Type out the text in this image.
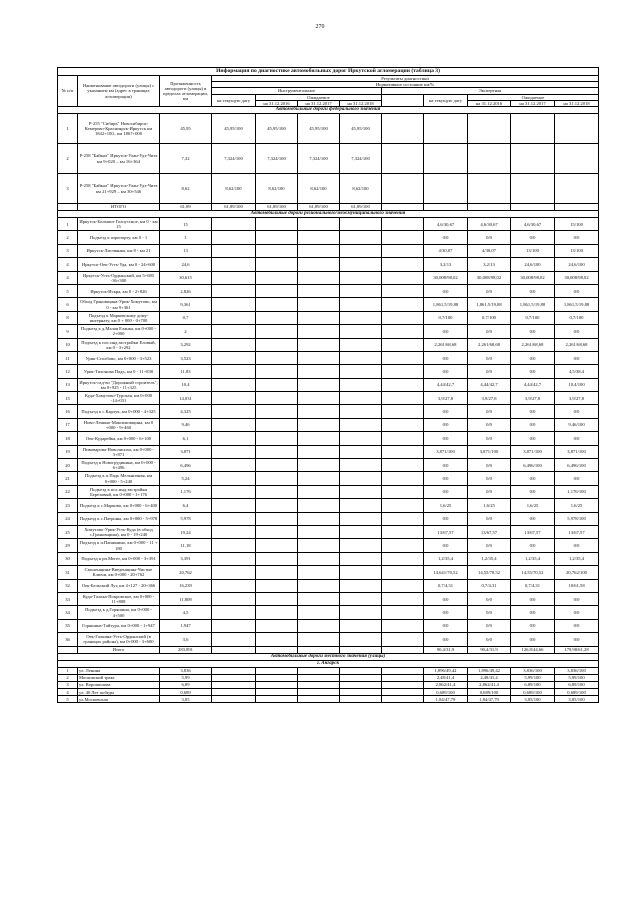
270
Информация по диагностике автомобильных дорог Иркутской агломерации (таблица 3)											
№ п/п	Наименование автодороги (улицы) с указанием км (адрес в границах агломерации)	Протяженность автодороги (улицы) в пределах агломерации, км	Результаты диагностики								
			Нормативное состояние км/%								
			Инструментальное				Экспертная				
			на текущую дату	Ожидаемое				на текущую дату	Ожидаемое		
				на 31.12.2016	на 31.12.2017	на 31.12.2018			на 31.12.2016	на 31.12.2017	на 31.12.2018
Автомобильные дороги федерального значения											
1	Р-255 "Сибирь" Новосибирск-Кемерово-Красноярск-Иркутск км 1842+100– км 1867+000	45,95	45,95/100	45,95/100	45,95/100	45,95/100					
2	Р-258 "Байкал" Иркутск-Улан-Удэ-Чита км 9+020 – км 16+364	7,32	7,324/100	7,324/100	7,324/100	7,324/100					
3	Р-258 "Байкал" Иркутск-Улан-Удэ-Чита км 21+929 – км 30+546	8,62	8,62/100	8,62/100	8,62/100	8,62/100					
	ИТОГО	61,89	61,89/100	61,89/100	61,89/100	61,89/100					
Автомобильные дороги регионального/межмуниципального значения											
1	Иркутск-Большое Голоустное, км 0 - км 15	15						4,6/30,67	4,6/30,67	4,6/30,67	15/100
2	Подъезд к аэропорту, км 0 - 1	1						0/0	0/0	0/0	0/0
3	Иркутск-Листвянка, км 8 - км 21	13						4/30,07	4/30,07	13/100	13/100
4	Иркутск-Оек-Усть-Уда, км 0 - 24+600	24,6						3,2/13	3,2/13	24,6/100	24,6/100
4	Иркутск-Усть-Ордынский, км 5+685 -36+300	30,615						30,008/98,02	30,008/98,02	30,008/98,02	30,008/98,02
5	Иркутск-Искра, км 0 - 2+826	2,826						0/0	0/0	0/0	0/0
6	Обход Грановщина-Урик-Хомутово, км 0 - км 9+361	9,361						1,861,5/19,88	1,861,5/19,88	1,861,5/19,88	1,861,5/19,88
8	Подъезд к Марковскому дому-интернату, км 0 + 000 - 0+700	0,7						0,7/100	0,7/100	0,7/100	0,7/100
9	Подъезд к д.Малая Еланка, км 0+000 - 2+000	2						0/0	0/0	0/0	0/0
10	Подъезд к пос.инд.застройки Еловый, км 0 - 3+292	3,292						2,261/68,68	2,261/68,68	2,261/68,68	2,261/68,68
11	Урик-Столбово, км 0+000 - 3+523	3,523						0/0	0/0	0/0	0/0
12	Урик-Тихонова Падь, км 0 - 11+830	11,83						0/0	0/0	0/0	4,5/38,4
13	Иркутск-сад-во "Дорожный строитель", км 0+925 - 11+325	10,4						4,44/42,7	4,44/42,7	4,44/42,7	10,4/100
15	Куда-Хомутово-Турская, км 0+000 -14+031	14,031						3,9/27,8	3,9/27,8	3,9/27,8	3,9/27,8
16	Подъезд к с.Карлук, км 0+000 - 4+325	4,325						0/0	0/0	0/0	0/0
17	Ново-Ленино-Максимовщина, км 0 +000 - 9+460	9,46						0/0	0/0	0/0	9,46/100
18	Оек-Кударейка, км 0+000 - 6+100	6,1						0/0	0/0	0/0	0/0
19	Пивоварова-Новолисиха, км 0+000 - 3+871	3,871						3,871/100	3,871/100	3,871/100	3,871/100
20	Подъезд к Новогрудинина, км 0+000 - 6+496	6,496						0/0	0/0	6,496/100	6,496/100
21	Подъезд к п.Падь Мельничная, км 0+000 - 5+240	5,24						0/0	0/0	0/0	0/0
22	Подъезд к пос.инд.застройки Березовый, км 0+000 - 1+176	1,176						0/0	0/0	0/0	1,176/100
23	Подъезд к с.Марково, км 0+000 - 6+400	6,4						1,6/25	1,6/25	1,6/25	1,6/25
24	Подъезд к с.Патроны, км 0+000 - 5+978	5,978						0/0	0/0	0/0	5,978/100
25	Хомутово-Урик-Усть-Куда (в обход с.Грановщина), км 0 - 19+240	19,24						13/67,57	13/67,57	13/67,57	13/67,57
29	Подъезд к п.Пашинино, км 0+000 - 11 + 180	11,18						0/0	0/0	0/0	0/0
30	Подъезд к рп.Мегет, км 0+000 - 3+391	3,391						1,2/35,4	1,2/35,4	1,2/35,4	1,2/35,4
31	Смоленщина-Введенщина-Чистые Ключи, км 0+000 - 20+762	20,762						14,641/70,52	14,55/70,52	14,55/70,52	20,762/100
32	Оек-Бельский Луг, км 4+127 - 20+366	16,239						0,7/4,31	0,7/4,31	0,7/4,31	10/61,58
33	Куда-Талька-Покровское, км 0+000 - 11+808	11,808						0/0	0/0	0/0	0/0
34	Подъезд к д.Горяшина, км 0+000 - 4+500	4,5						0/0	0/0	0/0	0/0
35	Горяшина-Тайтура, км 0+000 - 1+947	1,947						0/0	0/0	0/0	0/0
36	Оек-Галкина-Усть-Ордынский (в границах района), км 0+000 - 3+600	3,6						0/0	0/0	0/0	0/0
	Итого	283,891						90,4/31,9	90,4/31,9	126,8/44,66	179,98/61,28
Автомобильные дороги местного значения (улицы)											
г. Ангарск											
1	ул. Ленина	3,836						1,896/49,42	1,896/49,42	3,836/100	3,836/100
2	Московский тракт	5,99						2,48/41,4	2,48/41,4	5,99/100	5,99/100
3	ул. Ворошилова	6,89						2,862/41,4	2,862/41,4	6,89/100	6,89/100
4	ул. 40 Лет победы	0,689						0,689/100	0,689/100	0,689/100	0,689/100
5	ул.Московская	3,85						1,84/47,79	1,84/47,79	3,85/100	3,85/100
